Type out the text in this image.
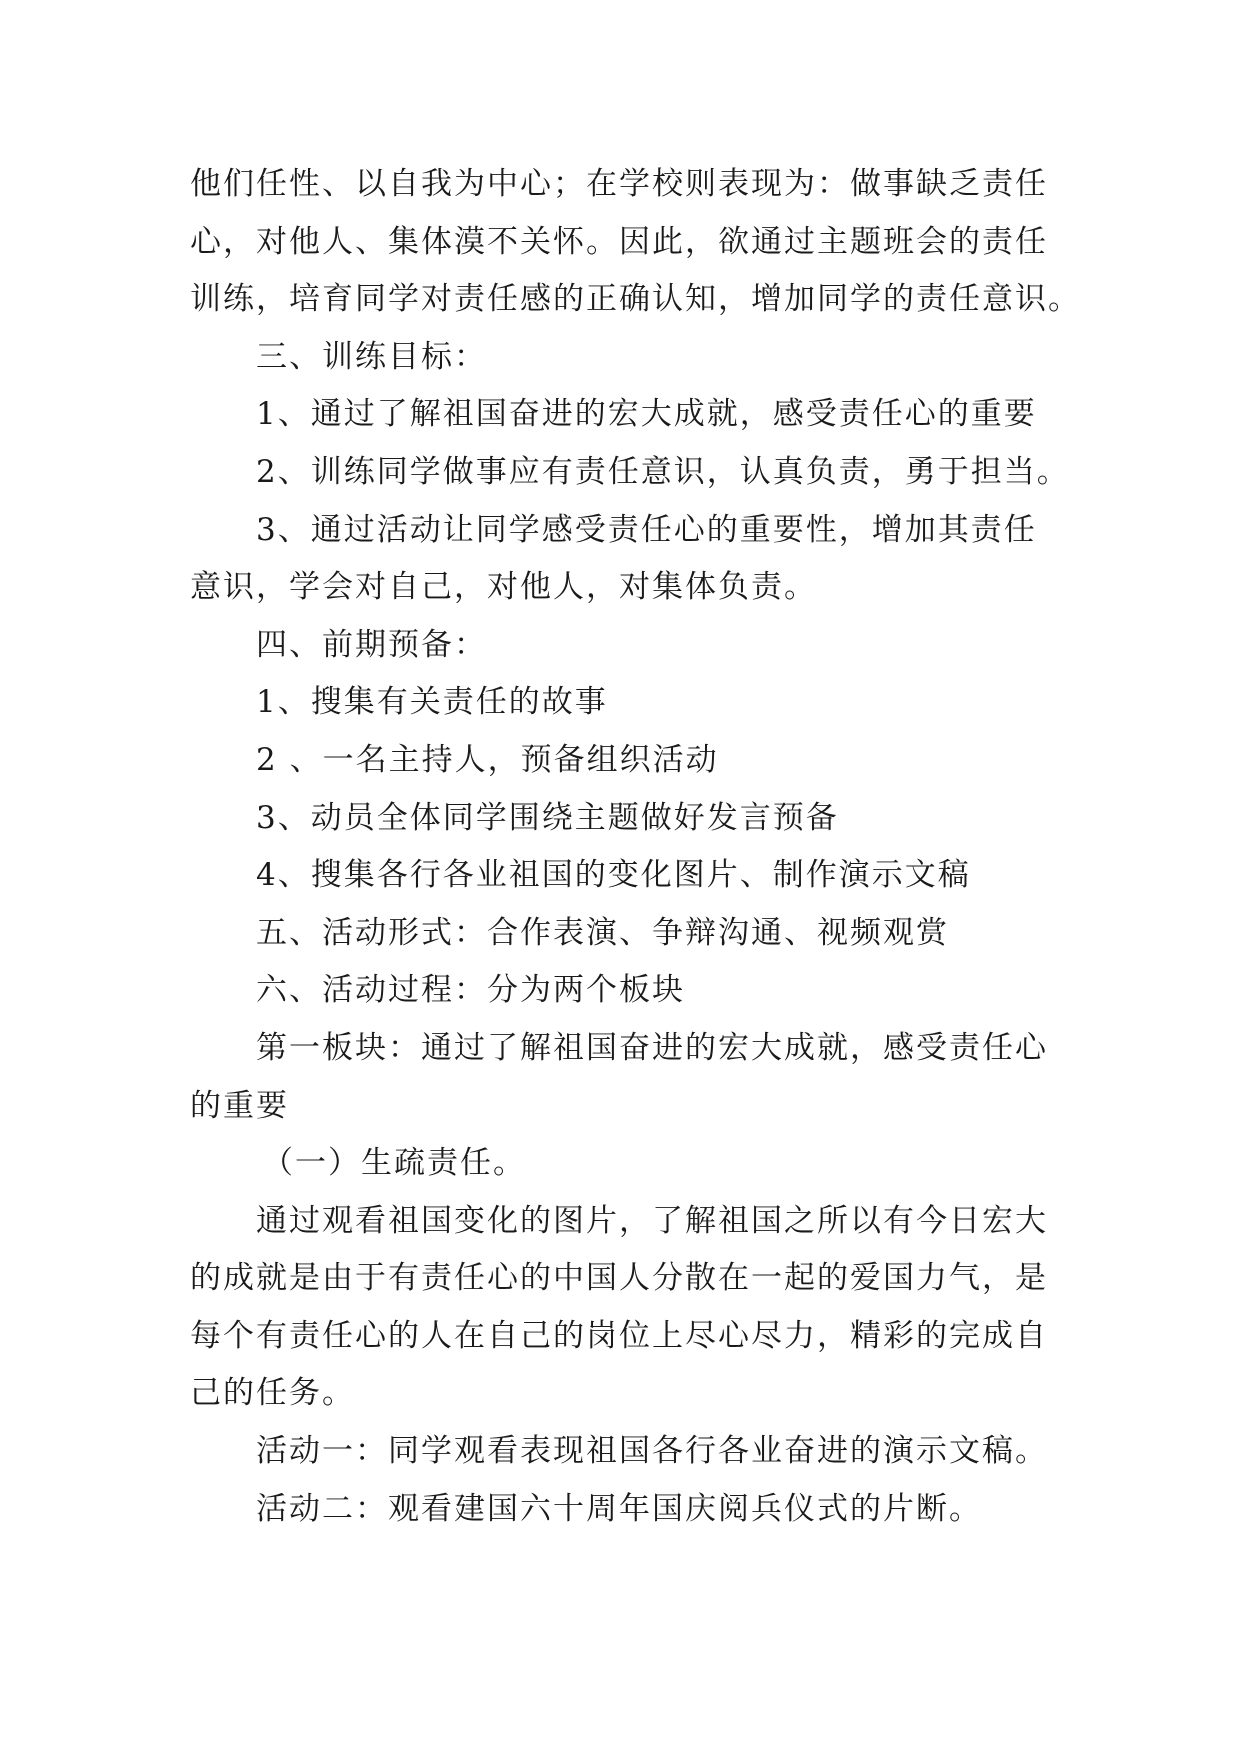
他们任性、以自我为中心；在学校则表现为：做事缺乏责任
心，对他人、集体漠不关怀。因此，欲通过主题班会的责任
训练，培育同学对责任感的正确认知，增加同学的责任意识。
三、训练目标：
1、通过了解祖国奋进的宏大成就，感受责任心的重要
2、训练同学做事应有责任意识，认真负责，勇于担当。
3、通过活动让同学感受责任心的重要性，增加其责任
意识，学会对自己，对他人，对集体负责。
四、前期预备：
1、搜集有关责任的故事
2 、一名主持人，预备组织活动
3、动员全体同学围绕主题做好发言预备
4、搜集各行各业祖国的变化图片、制作演示文稿
五、活动形式：合作表演、争辩沟通、视频观赏
六、活动过程：分为两个板块
第一板块：通过了解祖国奋进的宏大成就，感受责任心
的重要
（一）生疏责任。
通过观看祖国变化的图片，了解祖国之所以有今日宏大
的成就是由于有责任心的中国人分散在一起的爱国力气，是
每个有责任心的人在自己的岗位上尽心尽力，精彩的完成自
己的任务。
活动一：同学观看表现祖国各行各业奋进的演示文稿。
活动二：观看建国六十周年国庆阅兵仪式的片断。
